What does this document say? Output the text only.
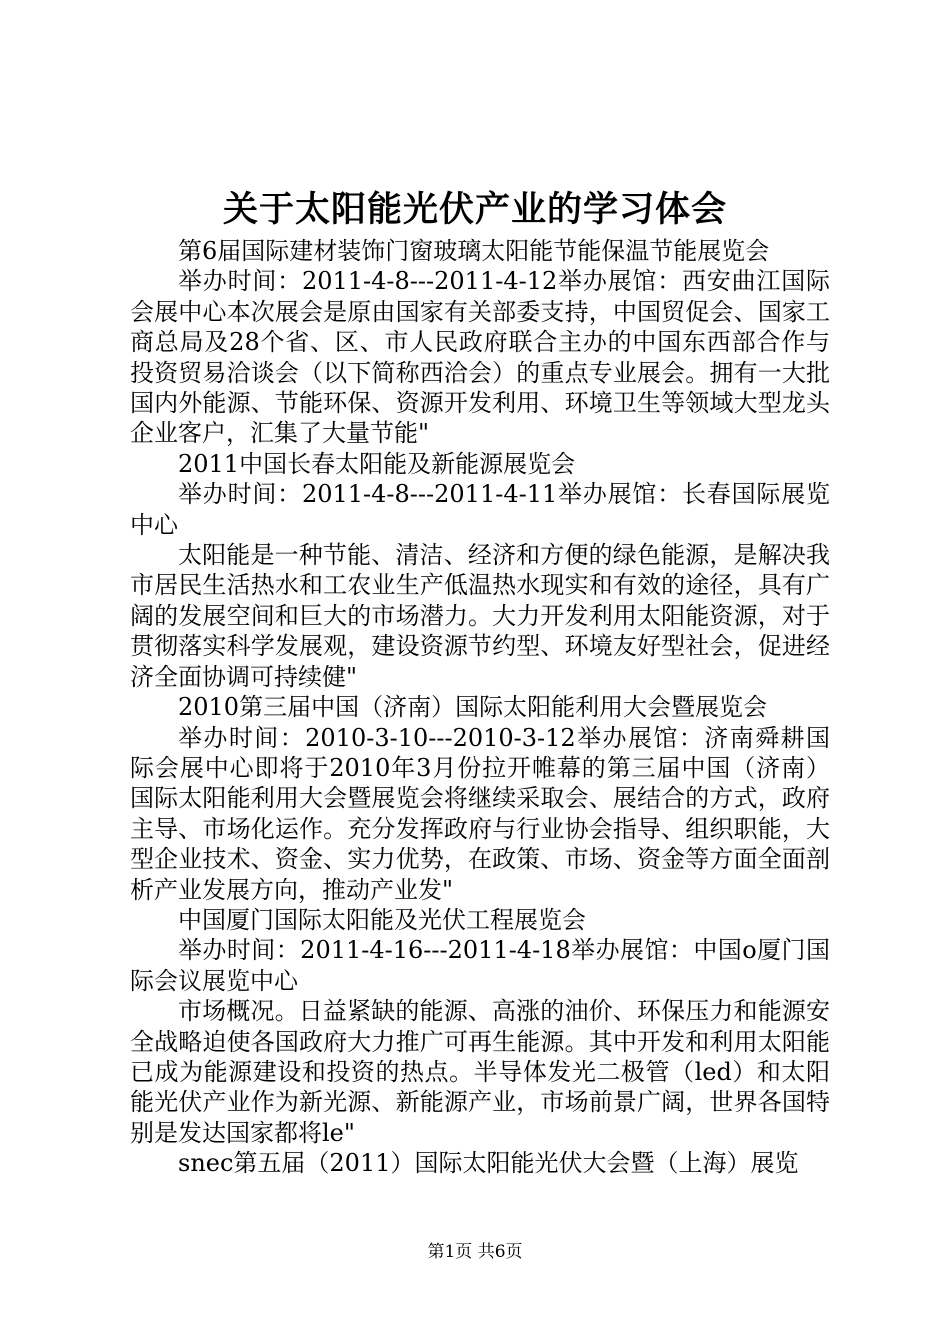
关于太阳能光伏产业的学习体会

第6届国际建材装饰门窗玻璃太阳能节能保温节能展览会

举办时间：2011-4-8---2011-4-12举办展馆：西安曲江国际会展中心本次展会是原由国家有关部委支持，中国贸促会、国家工商总局及28个省、区、市人民政府联合主办的中国东西部合作与投资贸易洽谈会（以下简称西洽会）的重点专业展会。拥有一大批国内外能源、节能环保、资源开发利用、环境卫生等领域大型龙头企业客户，汇集了大量节能"

2011中国长春太阳能及新能源展览会

举办时间：2011-4-8---2011-4-11举办展馆：长春国际展览中心

太阳能是一种节能、清洁、经济和方便的绿色能源，是解决我市居民生活热水和工农业生产低温热水现实和有效的途径，具有广阔的发展空间和巨大的市场潜力。大力开发利用太阳能资源，对于贯彻落实科学发展观，建设资源节约型、环境友好型社会，促进经济全面协调可持续健"

2010第三届中国（济南）国际太阳能利用大会暨展览会

举办时间：2010-3-10---2010-3-12举办展馆：济南舜耕国际会展中心即将于2010年3月份拉开帷幕的第三届中国（济南）国际太阳能利用大会暨展览会将继续采取会、展结合的方式，政府主导、市场化运作。充分发挥政府与行业协会指导、组织职能，大型企业技术、资金、实力优势，在政策、市场、资金等方面全面剖析产业发展方向，推动产业发"

中国厦门国际太阳能及光伏工程展览会

举办时间：2011-4-16---2011-4-18举办展馆：中国o厦门国际会议展览中心

市场概况。日益紧缺的能源、高涨的油价、环保压力和能源安全战略迫使各国政府大力推广可再生能源。其中开发和利用太阳能已成为能源建设和投资的热点。半导体发光二极管（led）和太阳能光伏产业作为新光源、新能源产业，市场前景广阔，世界各国特别是发达国家都将le"

snec第五届（2011）国际太阳能光伏大会暨（上海）展览

第1页 共6页
